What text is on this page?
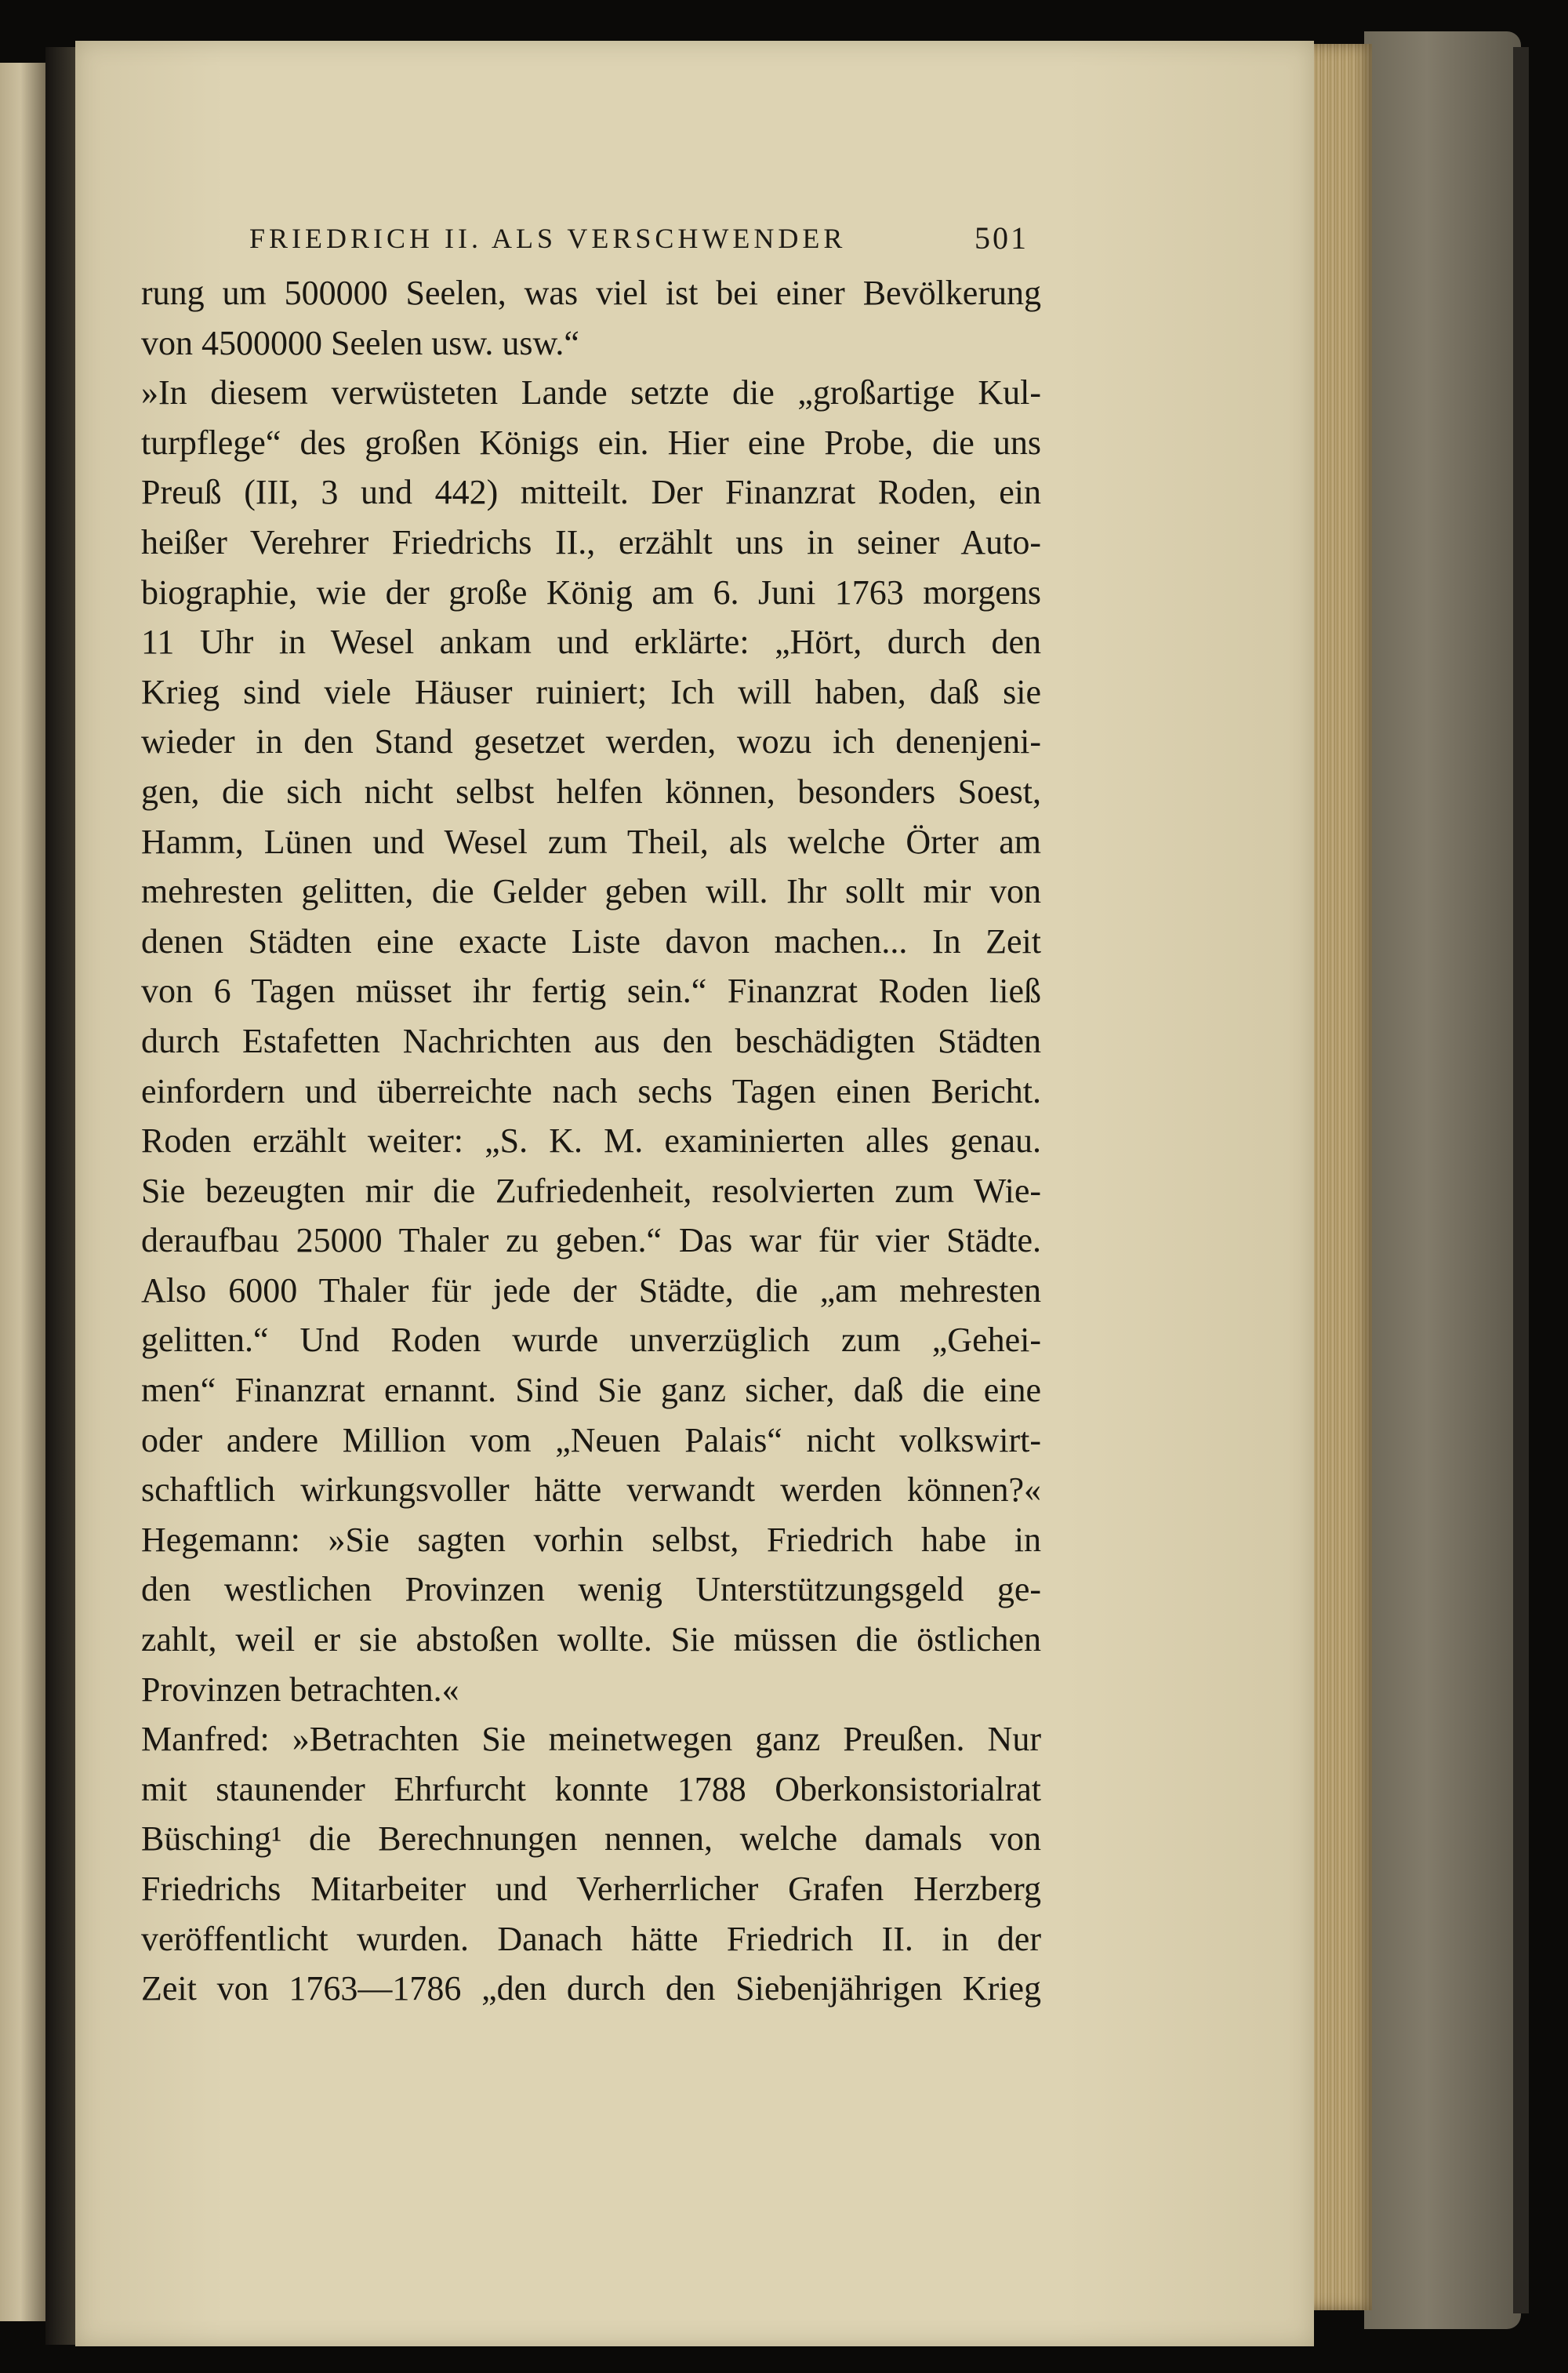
FRIEDRICH II. ALS VERSCHWENDER	501
rung um 500000 Seelen, was viel ist bei einer Bevölkerung
von 4500000 Seelen usw. usw.“
»In diesem verwüsteten Lande setzte die „großartige Kul-
turpflege“ des großen Königs ein. Hier eine Probe, die uns
Preuß (III, 3 und 442) mitteilt. Der Finanzrat Roden, ein
heißer Verehrer Friedrichs II., erzählt uns in seiner Auto-
biographie, wie der große König am 6. Juni 1763 morgens
11 Uhr in Wesel ankam und erklärte: „Hört, durch den
Krieg sind viele Häuser ruiniert; Ich will haben, daß sie
wieder in den Stand gesetzet werden, wozu ich denenjeni-
gen, die sich nicht selbst helfen können, besonders Soest,
Hamm, Lünen und Wesel zum Theil, als welche Örter am
mehresten gelitten, die Gelder geben will. Ihr sollt mir von
denen Städten eine exacte Liste davon machen... In Zeit
von 6 Tagen müsset ihr fertig sein.“ Finanzrat Roden ließ
durch Estafetten Nachrichten aus den beschädigten Städten
einfordern und überreichte nach sechs Tagen einen Bericht.
Roden erzählt weiter: „S. K. M. examinierten alles genau.
Sie bezeugten mir die Zufriedenheit, resolvierten zum Wie-
deraufbau 25000 Thaler zu geben.“ Das war für vier Städte.
Also 6000 Thaler für jede der Städte, die „am mehresten
gelitten.“ Und Roden wurde unverzüglich zum „Gehei-
men“ Finanzrat ernannt. Sind Sie ganz sicher, daß die eine
oder andere Million vom „Neuen Palais“ nicht volkswirt-
schaftlich wirkungsvoller hätte verwandt werden können?«
Hegemann: »Sie sagten vorhin selbst, Friedrich habe in
den westlichen Provinzen wenig Unterstützungsgeld ge-
zahlt, weil er sie abstoßen wollte. Sie müssen die östlichen
Provinzen betrachten.«
Manfred: »Betrachten Sie meinetwegen ganz Preußen. Nur
mit staunender Ehrfurcht konnte 1788 Oberkonsistorialrat
Büsching¹ die Berechnungen nennen, welche damals von
Friedrichs Mitarbeiter und Verherrlicher Grafen Herzberg
veröffentlicht wurden. Danach hätte Friedrich II. in der
Zeit von 1763—1786 „den durch den Siebenjährigen Krieg
